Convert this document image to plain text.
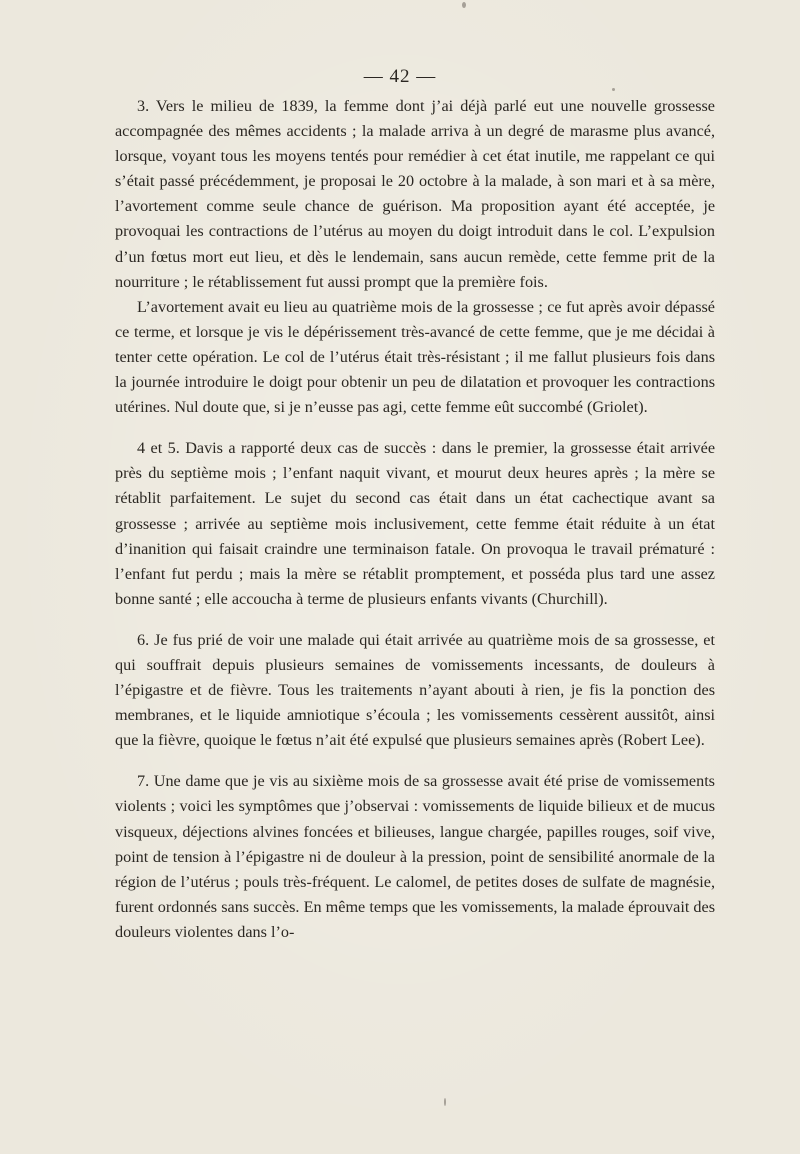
— 42 —

3. Vers le milieu de 1839, la femme dont j’ai déjà parlé eut une nouvelle grossesse accompagnée des mêmes accidents ; la malade arriva à un degré de marasme plus avancé, lorsque, voyant tous les moyens tentés pour remédier à cet état inutile, me rappelant ce qui s’était passé précédemment, je proposai le 20 octobre à la malade, à son mari et à sa mère, l’avortement comme seule chance de guérison. Ma proposition ayant été acceptée, je provoquai les contractions de l’utérus au moyen du doigt introduit dans le col. L’expulsion d’un fœtus mort eut lieu, et dès le lendemain, sans aucun remède, cette femme prit de la nourriture ; le rétablissement fut aussi prompt que la première fois.

L’avortement avait eu lieu au quatrième mois de la grossesse ; ce fut après avoir dépassé ce terme, et lorsque je vis le dépérissement très-avancé de cette femme, que je me décidai à tenter cette opération. Le col de l’utérus était très-résistant ; il me fallut plusieurs fois dans la journée introduire le doigt pour obtenir un peu de dilatation et provoquer les contractions utérines. Nul doute que, si je n’eusse pas agi, cette femme eût succombé (Griolet).

4 et 5. Davis a rapporté deux cas de succès : dans le premier, la grossesse était arrivée près du septième mois ; l’enfant naquit vivant, et mourut deux heures après ; la mère se rétablit parfaitement. Le sujet du second cas était dans un état cachectique avant sa grossesse ; arrivée au septième mois inclusivement, cette femme était réduite à un état d’inanition qui faisait craindre une terminaison fatale. On provoqua le travail prématuré : l’enfant fut perdu ; mais la mère se rétablit promptement, et posséda plus tard une assez bonne santé ; elle accoucha à terme de plusieurs enfants vivants (Churchill).

6. Je fus prié de voir une malade qui était arrivée au quatrième mois de sa grossesse, et qui souffrait depuis plusieurs semaines de vomissements incessants, de douleurs à l’épigastre et de fièvre. Tous les traitements n’ayant abouti à rien, je fis la ponction des membranes, et le liquide amniotique s’écoula ; les vomissements cessèrent aussitôt, ainsi que la fièvre, quoique le fœtus n’ait été expulsé que plusieurs semaines après (Robert Lee).

7. Une dame que je vis au sixième mois de sa grossesse avait été prise de vomissements violents ; voici les symptômes que j’observai : vomissements de liquide bilieux et de mucus visqueux, déjections alvines foncées et bilieuses, langue chargée, papilles rouges, soif vive, point de tension à l’épigastre ni de douleur à la pression, point de sensibilité anormale de la région de l’utérus ; pouls très-fréquent. Le calomel, de petites doses de sulfate de magnésie, furent ordonnés sans succès. En même temps que les vomissements, la malade éprouvait des douleurs violentes dans l’o-
